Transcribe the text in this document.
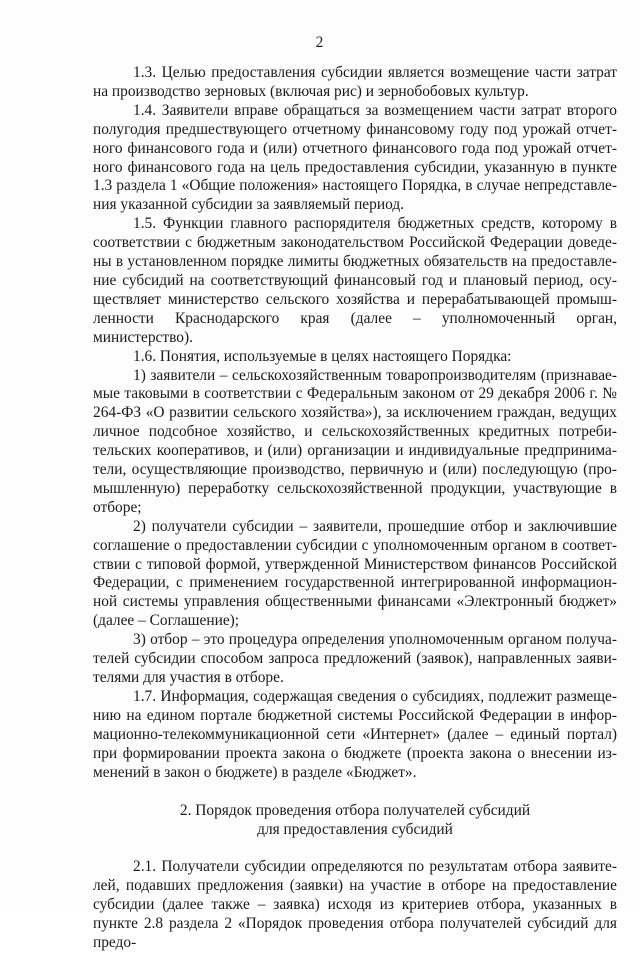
2

1.3. Целью предоставления субсидии является возмещение части затрат на производство зерновых (включая рис) и зернобобовых культур.

1.4. Заявители вправе обращаться за возмещением части затрат второго полугодия предшествующего отчетному финансовому году под урожай отчетного финансового года и (или) отчетного финансового года под урожай отчетного финансового года на цель предоставления субсидии, указанную в пункте 1.3 раздела 1 «Общие положения» настоящего Порядка, в случае непредставления указанной субсидии за заявляемый период.

1.5. Функции главного распорядителя бюджетных средств, которому в соответствии с бюджетным законодательством Российской Федерации доведены в установленном порядке лимиты бюджетных обязательств на предоставление субсидий на соответствующий финансовый год и плановый период, осуществляет министерство сельского хозяйства и перерабатывающей промышленности Краснодарского края (далее – уполномоченный орган, министерство).

1.6. Понятия, используемые в целях настоящего Порядка:

1) заявители – сельскохозяйственным товаропроизводителям (признаваемые таковыми в соответствии с Федеральным законом от 29 декабря 2006 г. № 264-ФЗ «О развитии сельского хозяйства»), за исключением граждан, ведущих личное подсобное хозяйство, и сельскохозяйственных кредитных потребительских кооперативов, и (или) организации и индивидуальные предприниматели, осуществляющие производство, первичную и (или) последующую (промышленную) переработку сельскохозяйственной продукции, участвующие в отборе;

2) получатели субсидии – заявители, прошедшие отбор и заключившие соглашение о предоставлении субсидии с уполномоченным органом в соответствии с типовой формой, утвержденной Министерством финансов Российской Федерации, с применением государственной интегрированной информационной системы управления общественными финансами «Электронный бюджет» (далее – Соглашение);

3) отбор – это процедура определения уполномоченным органом получателей субсидии способом запроса предложений (заявок), направленных заявителями для участия в отборе.

1.7. Информация, содержащая сведения о субсидиях, подлежит размещению на едином портале бюджетной системы Российской Федерации в информационно-телекоммуникационной сети «Интернет» (далее – единый портал) при формировании проекта закона о бюджете (проекта закона о внесении изменений в закон о бюджете) в разделе «Бюджет».

2. Порядок проведения отбора получателей субсидий
для предоставления субсидий

2.1. Получатели субсидии определяются по результатам отбора заявителей, подавших предложения (заявки) на участие в отборе на предоставление субсидии (далее также – заявка) исходя из критериев отбора, указанных в пункте 2.8 раздела 2 «Порядок проведения отбора получателей субсидий для предо-
